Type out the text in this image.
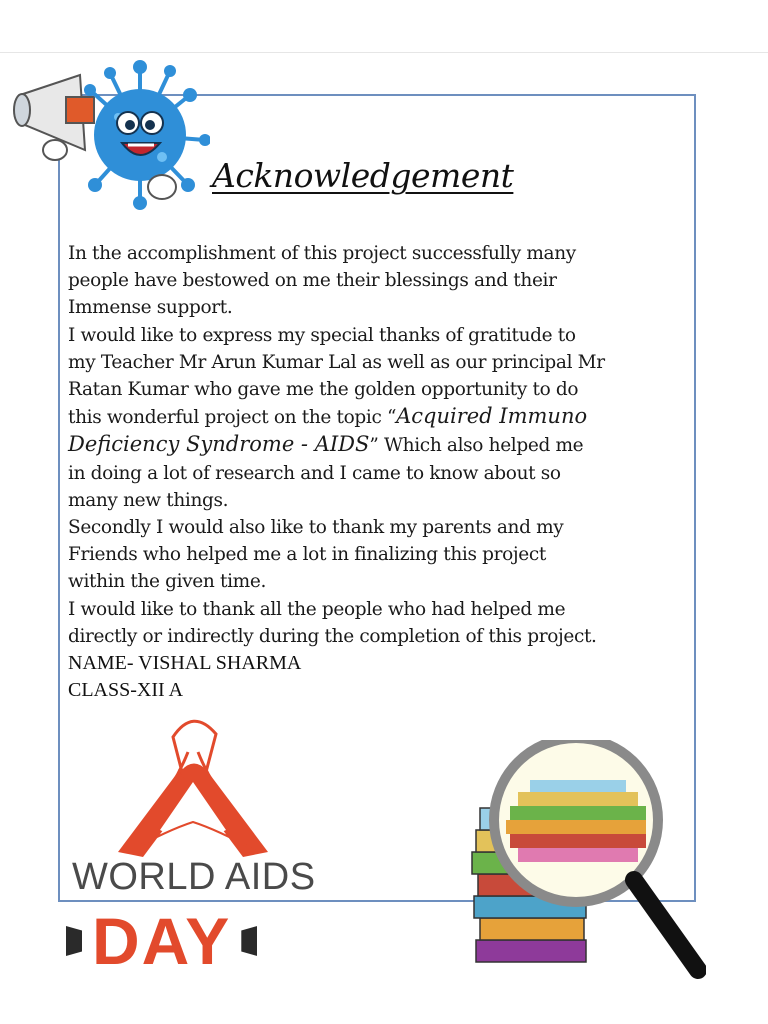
Acknowledgement

In the accomplishment of this project successfully many

people have bestowed on me their blessings and their

Immense support.

I would like to express my special thanks of gratitude to

my Teacher Mr Arun Kumar Lal as well as our principal Mr

Ratan Kumar who gave me the golden opportunity to do

this wonderful project on the topic “Acquired Immuno

Deficiency Syndrome - AIDS” Which also helped me

in doing a lot of research and I came to know about so

many new things.

Secondly I would also like to thank my parents and my

Friends who helped me a lot in finalizing this project

within the given time.

I would like to thank all the people who had helped me

directly or indirectly during the completion of this project.

NAME- VISHAL SHARMA

CLASS-XII A

WORLD AIDS
DAY
